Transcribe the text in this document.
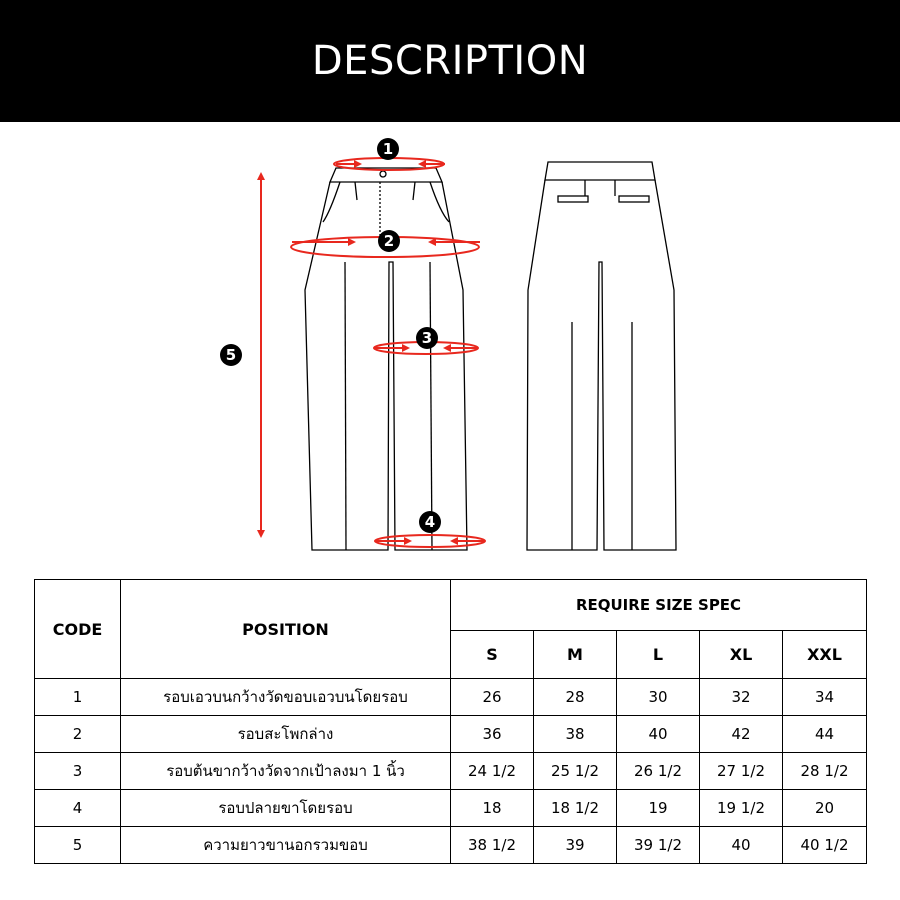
DESCRIPTION
1
2
3
4
5
CODE	POSITION	REQUIRE SIZE SPEC				
		S	M	L	XL	XXL
1	รอบเอวบนกว้างวัดขอบเอวบนโดยรอบ	26	28	30	32	34
2	รอบสะโพกล่าง	36	38	40	42	44
3	รอบต้นขากว้างวัดจากเป้าลงมา 1 นิ้ว	24 1/2	25 1/2	26 1/2	27 1/2	28 1/2
4	รอบปลายขาโดยรอบ	18	18 1/2	19	19 1/2	20
5	ความยาวขานอกรวมขอบ	38 1/2	39	39 1/2	40	40 1/2
